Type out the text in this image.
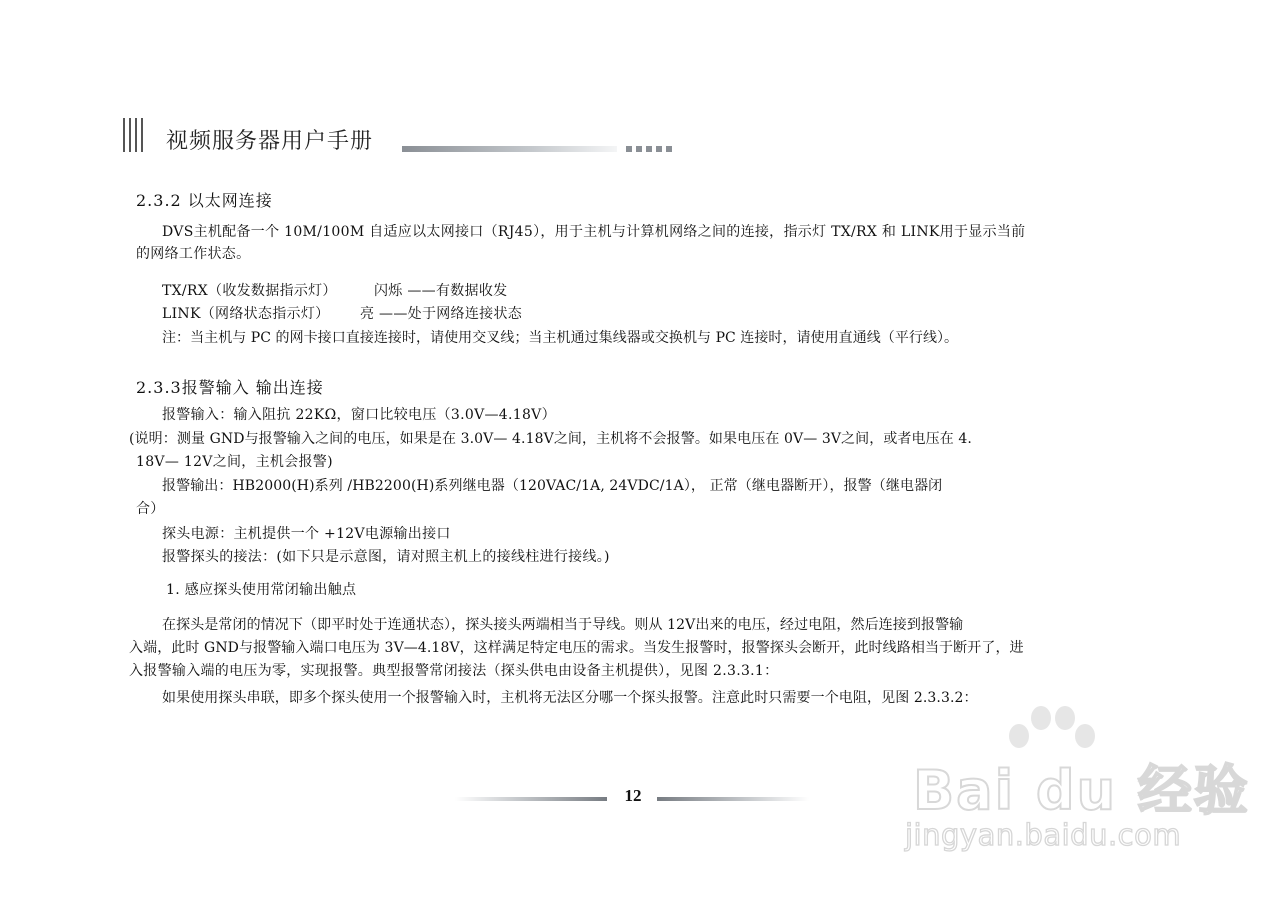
视频服务器用户手册
2.3.2 以太网连接
DVS主机配备一个 10M/100M 自适应以太网接口（RJ45），用于主机与计算机网络之间的连接，指示灯 TX/RX 和 LINK用于显示当前
的网络工作状态。
TX/RX（收发数据指示灯）	闪烁 ——有数据收发
LINK（网络状态指示灯） 亮 ——处于网络连接状态
注：当主机与 PC 的网卡接口直接连接时，请使用交叉线；当主机通过集线器或交换机与 PC 连接时，请使用直通线（平行线）。
2.3.3报警输入 输出连接
报警输入：输入阻抗 22KΩ，窗口比较电压（3.0V—4.18V）
(说明：测量 GND与报警输入之间的电压，如果是在 3.0V— 4.18V之间，主机将不会报警。如果电压在 0V— 3V之间，或者电压在 4.
18V— 12V之间，主机会报警)
报警输出：HB2000(H)系列 /HB2200(H)系列继电器（120VAC/1A, 24VDC/1A）， 正常（继电器断开），报警（继电器闭
合）
探头电源：主机提供一个 +12V电源输出接口
报警探头的接法：(如下只是示意图，请对照主机上的接线柱进行接线。)
1. 感应探头使用常闭输出触点
在探头是常闭的情况下（即平时处于连通状态），探头接头两端相当于导线。则从 12V出来的电压，经过电阻，然后连接到报警输
入端，此时 GND与报警输入端口电压为 3V—4.18V，这样满足特定电压的需求。当发生报警时，报警探头会断开，此时线路相当于断开了，进
入报警输入端的电压为零，实现报警。典型报警常闭接法（探头供电由设备主机提供），见图 2.3.3.1：
如果使用探头串联，即多个探头使用一个报警输入时，主机将无法区分哪一个探头报警。注意此时只需要一个电阻，见图 2.3.3.2：
12	Bai du 经验
jingyan.baidu.com
